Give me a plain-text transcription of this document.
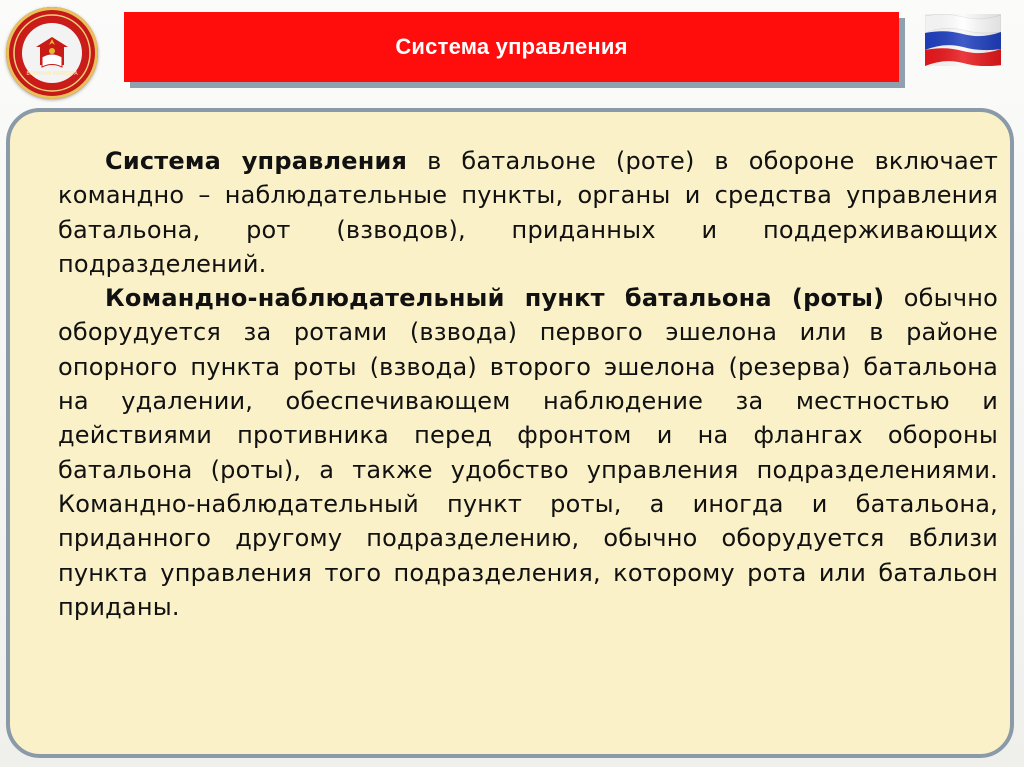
ВОЕННАЯ КАФЕДРА
Система управления

Система управления в батальоне (роте) в обороне включает командно – наблюдательные пункты, органы и средства управления батальона, рот (взводов), приданных и поддерживающих подразделений.

Командно-наблюдательный пункт батальона (роты) обычно оборудуется за ротами (взвода) первого эшелона или в районе опорного пункта роты (взвода) второго эшелона (резерва) батальона на удалении, обеспечивающем наблюдение за местностью и действиями противника перед фронтом и на флангах обороны батальона (роты), а также удобство управления подразделениями. Командно-наблюдательный пункт роты, а иногда и батальона, приданного другому подразделению, обычно оборудуется вблизи пункта управления того подразделения, которому рота или батальон приданы.
